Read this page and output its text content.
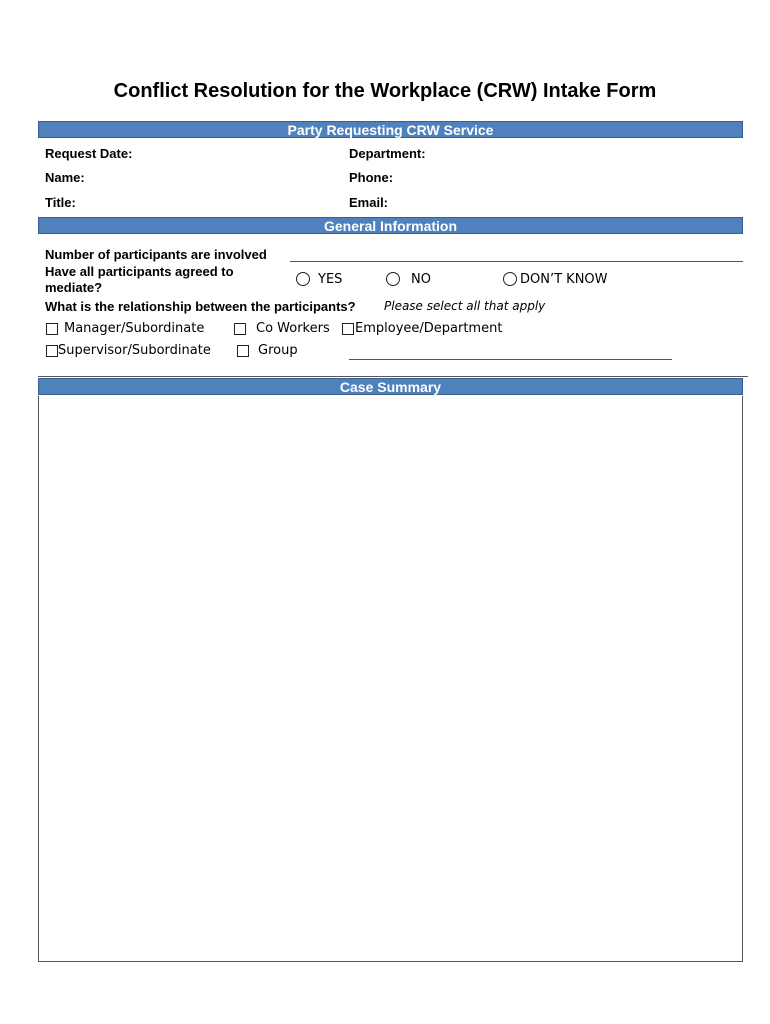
Conflict Resolution for the Workplace (CRW) Intake Form
Party Requesting CRW Service
Request Date:	Department:
Name:	Phone:
Title:	Email:
General Information
Number of participants are involved
Have all participants agreed to
mediate?
YES	NO	DON’T KNOW
What is the relationship between the participants? Please select all that apply
Manager/Subordinate	Co Workers Employee/Department
Supervisor/Subordinate	Group
Case Summary
